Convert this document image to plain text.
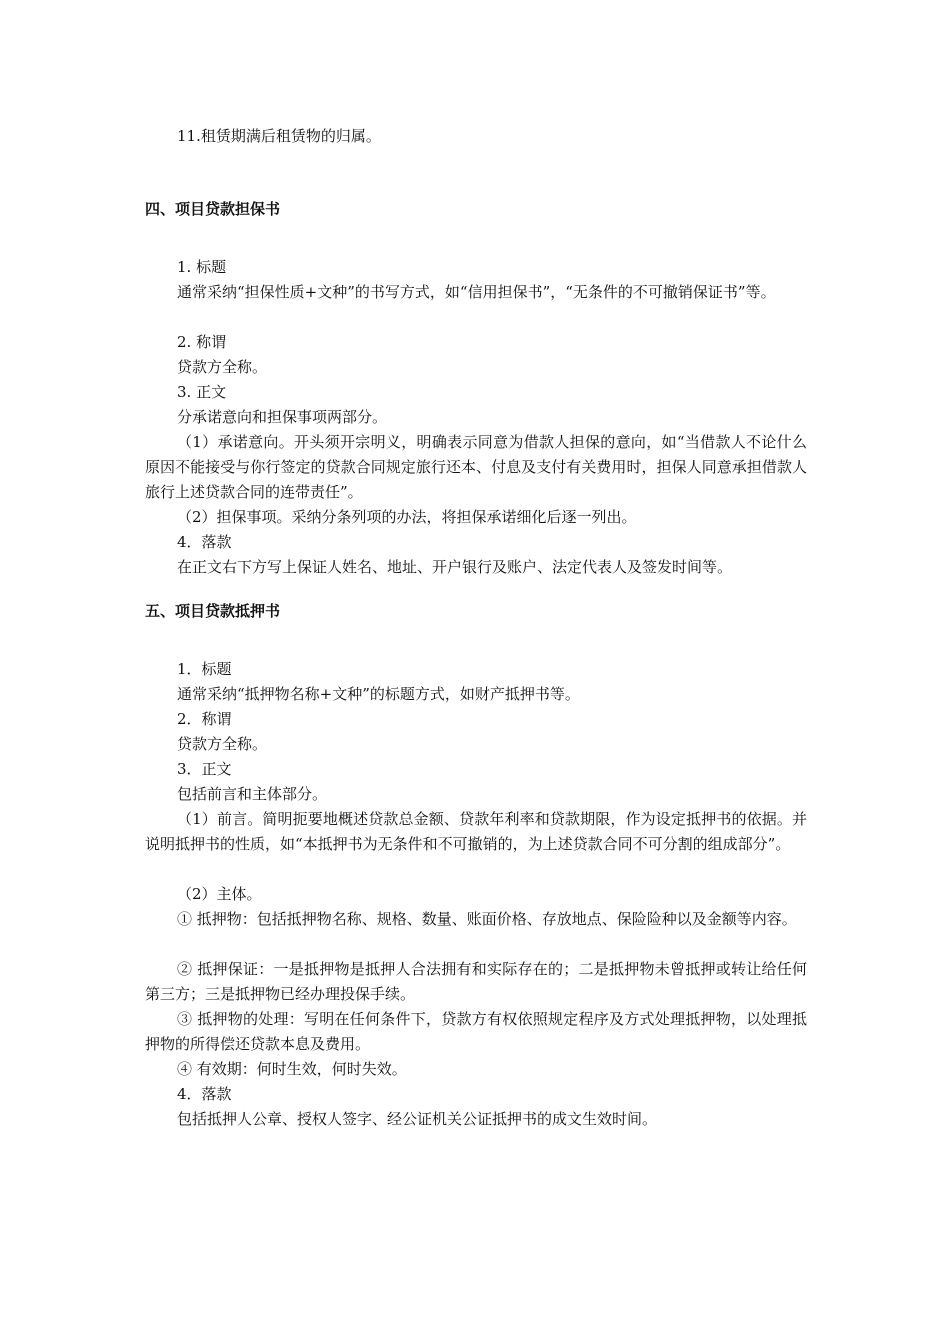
11.租赁期满后租赁物的归属。
四、项目贷款担保书
1. 标题
通常采纳“担保性质+文种”的书写方式，如“信用担保书”，“无条件的不可撤销保证书”等。
2. 称谓
贷款方全称。
3. 正文
分承诺意向和担保事项两部分。
（1）承诺意向。开头须开宗明义，明确表示同意为借款人担保的意向，如“当借款人不论什么原因不能接受与你行签定的贷款合同规定旅行还本、付息及支付有关费用时，担保人同意承担借款人旅行上述贷款合同的连带责任”。
（2）担保事项。采纳分条列项的办法，将担保承诺细化后逐一列出。
4．落款
在正文右下方写上保证人姓名、地址、开户银行及账户、法定代表人及签发时间等。
五、项目贷款抵押书
1．标题
通常采纳“抵押物名称+文种”的标题方式，如财产抵押书等。
2．称谓
贷款方全称。
3．正文
包括前言和主体部分。
（1）前言。简明扼要地概述贷款总金额、贷款年利率和贷款期限，作为设定抵押书的依据。并说明抵押书的性质，如“本抵押书为无条件和不可撤销的，为上述贷款合同不可分割的组成部分”。
（2）主体。
① 抵押物：包括抵押物名称、规格、数量、账面价格、存放地点、保险险种以及金额等内容。
② 抵押保证：一是抵押物是抵押人合法拥有和实际存在的；二是抵押物未曾抵押或转让给任何第三方；三是抵押物已经办理投保手续。
③ 抵押物的处理：写明在任何条件下，贷款方有权依照规定程序及方式处理抵押物，以处理抵押物的所得偿还贷款本息及费用。
④ 有效期：何时生效，何时失效。
4．落款
包括抵押人公章、授权人签字、经公证机关公证抵押书的成文生效时间。
